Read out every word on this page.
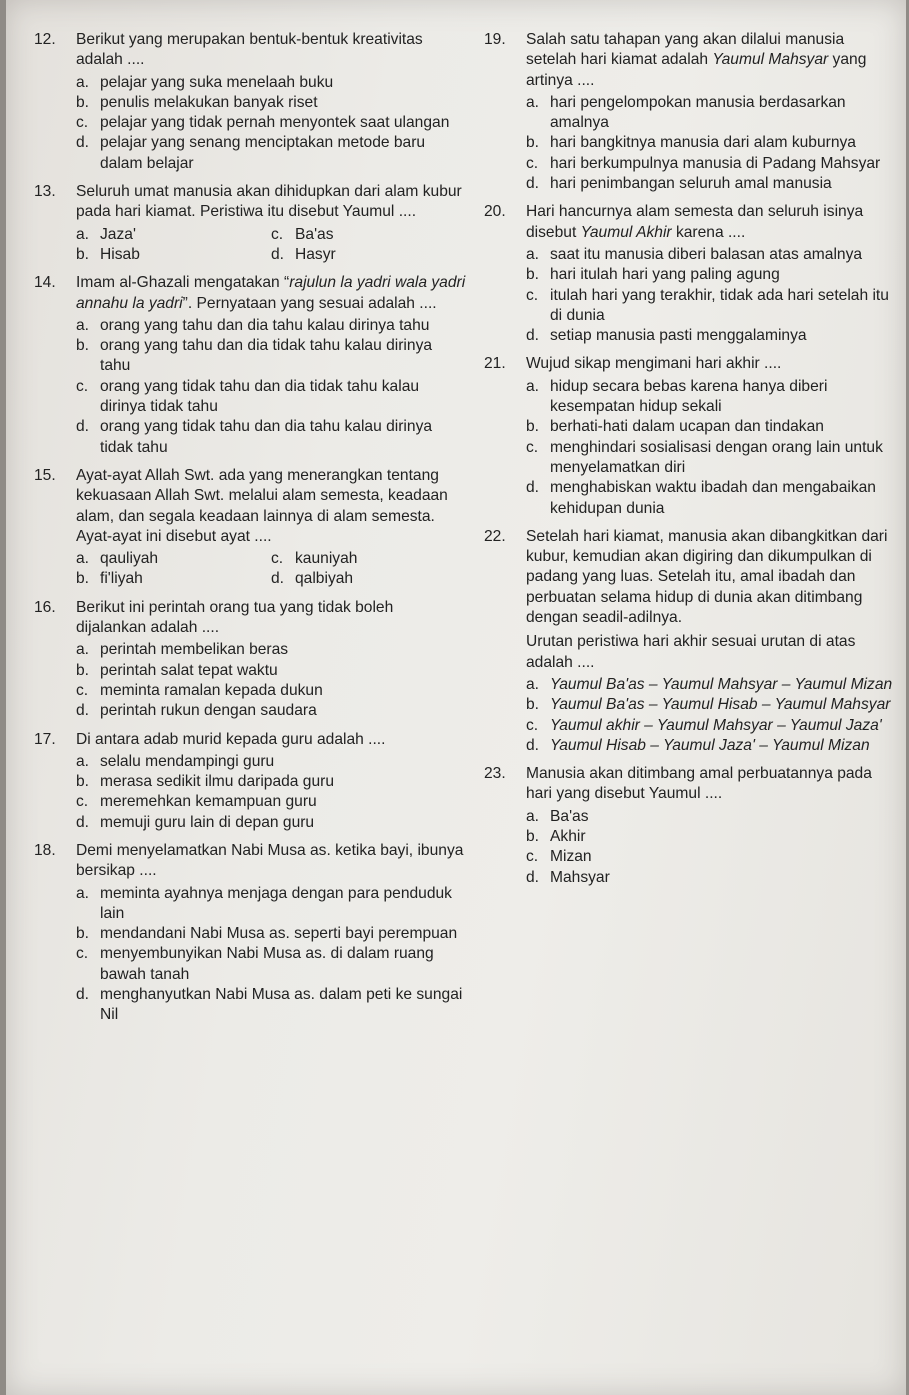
12.	Berikut yang merupakan bentuk-bentuk kreativitas adalah ....

a. pelajar yang suka menelaah buku
b. penulis melakukan banyak riset
c. pelajar yang tidak pernah menyontek saat ulangan
d. pelajar yang senang menciptakan metode baru dalam belajar
13.	Seluruh umat manusia akan dihidupkan dari alam kubur pada hari kiamat. Peristiwa itu disebut Yaumul ....

a. Jaza'	c. Ba'as
b. Hisab	d. Hasyr
14.	Imam al-Ghazali mengatakan “rajulun la yadri wala yadri annahu la yadri”. Pernyataan yang sesuai adalah ....

a. orang yang tahu dan dia tahu kalau dirinya tahu
b. orang yang tahu dan dia tidak tahu kalau dirinya tahu
c. orang yang tidak tahu dan dia tidak tahu kalau dirinya tidak tahu
d. orang yang tidak tahu dan dia tahu kalau dirinya tidak tahu
15.	Ayat-ayat Allah Swt. ada yang menerangkan tentang kekuasaan Allah Swt. melalui alam semesta, keadaan alam, dan segala keadaan lainnya di alam semesta. Ayat-ayat ini disebut ayat ....

a. qauliyah	c. kauniyah
b. fi'liyah	d. qalbiyah
16.	Berikut ini perintah orang tua yang tidak boleh dijalankan adalah ....

a. perintah membelikan beras
b. perintah salat tepat waktu
c. meminta ramalan kepada dukun
d. perintah rukun dengan saudara
17.	Di antara adab murid kepada guru adalah ....

a. selalu mendampingi guru
b. merasa sedikit ilmu daripada guru
c. meremehkan kemampuan guru
d. memuji guru lain di depan guru
18.	Demi menyelamatkan Nabi Musa as. ketika bayi, ibunya bersikap ....

a. meminta ayahnya menjaga dengan para penduduk lain
b. mendandani Nabi Musa as. seperti bayi perempuan
c. menyembunyikan Nabi Musa as. di dalam ruang bawah tanah
d. menghanyutkan Nabi Musa as. dalam peti ke sungai Nil
19.	Salah satu tahapan yang akan dilalui manusia setelah hari kiamat adalah Yaumul Mahsyar yang artinya ....

a. hari pengelompokan manusia berdasarkan amalnya
b. hari bangkitnya manusia dari alam kuburnya
c. hari berkumpulnya manusia di Padang Mahsyar
d. hari penimbangan seluruh amal manusia
20.	Hari hancurnya alam semesta dan seluruh isinya disebut Yaumul Akhir karena ....

a. saat itu manusia diberi balasan atas amalnya
b. hari itulah hari yang paling agung
c. itulah hari yang terakhir, tidak ada hari setelah itu di dunia
d. setiap manusia pasti menggalaminya
21.	Wujud sikap mengimani hari akhir ....

a. hidup secara bebas karena hanya diberi kesempatan hidup sekali
b. berhati-hati dalam ucapan dan tindakan
c. menghindari sosialisasi dengan orang lain untuk menyelamatkan diri
d. menghabiskan waktu ibadah dan mengabaikan kehidupan dunia
22.	Setelah hari kiamat, manusia akan dibangkitkan dari kubur, kemudian akan digiring dan dikumpulkan di padang yang luas. Setelah itu, amal ibadah dan perbuatan selama hidup di dunia akan ditimbang dengan seadil-adilnya.

Urutan peristiwa hari akhir sesuai urutan di atas adalah ....

a. Yaumul Ba'as – Yaumul Mahsyar – Yaumul Mizan
b. Yaumul Ba'as – Yaumul Hisab – Yaumul Mahsyar
c. Yaumul akhir – Yaumul Mahsyar – Yaumul Jaza'
d. Yaumul Hisab – Yaumul Jaza' – Yaumul Mizan
23.	Manusia akan ditimbang amal perbuatannya pada hari yang disebut Yaumul ....

a. Ba'as
b. Akhir
c. Mizan
d. Mahsyar
